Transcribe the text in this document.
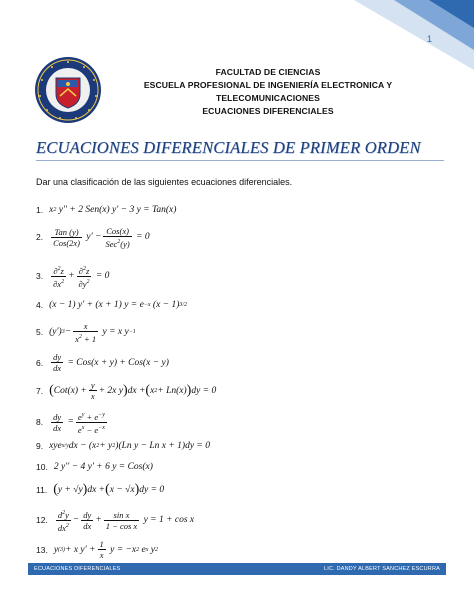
1
FACULTAD DE CIENCIAS
ESCUELA PROFESIONAL DE INGENIERÍA ELECTRONICA Y
TELECOMUNICACIONES
ECUACIONES DIFERENCIALES
ECUACIONES DIFERENCIALES DE PRIMER ORDEN
Dar una clasificación de las siguientes ecuaciones diferenciales.
1. x 2 y′′ + 2
Sen(x) y′ − 3 y = Tan(x)
2. $\frac{\text{Tan (y)}}{\text{Cos(2x)}} y' - \frac{\text{Cos(x)}}{Sec^2(y)} = 0$
3. $\frac{\partial^2z}{\partial x^2} + \frac{\partial^2z}{\partial y^2} = 0$
4. (x − 1) y′ + (x + 1) y = e −x (x − 1) 3/2
5. (y′) $3 - \frac{x}{x^2 + 1}$ y = x y −1
6. $\frac{dy}{dx} = Cos(x + y) + Cos(x - y)$
7. ( $Cot(x) + \frac{y}{x} + 2x$ y ) dx + ( x 2 + Ln(x) ) dy = 0
8. $\frac{dy}{dx} = \frac{e^y + e^{-y}}{e^x - e^{-x}}$
9. xye x/y dx − (x 2 + y 2 )(Ln y − Ln x + 1)dy = 0
10. 2 y′′ − 4 y′ + 6 y = Cos(x)
11. ( y + √y ) dx + ( x − √x ) dy = 0
12. $\frac{d^2y}{dx^2} - \frac{dy}{dx} + \frac{\text{sin x}}{\text{1 − cos x}}$ y = 1 + cos x
13. y (3) + x $y' + \frac{1}{x}$ y = −x 2 e x y 2
ECUACIONES DIFERENCIALES	LIC. DANDY ALBERT SANCHEZ ESCURRA
